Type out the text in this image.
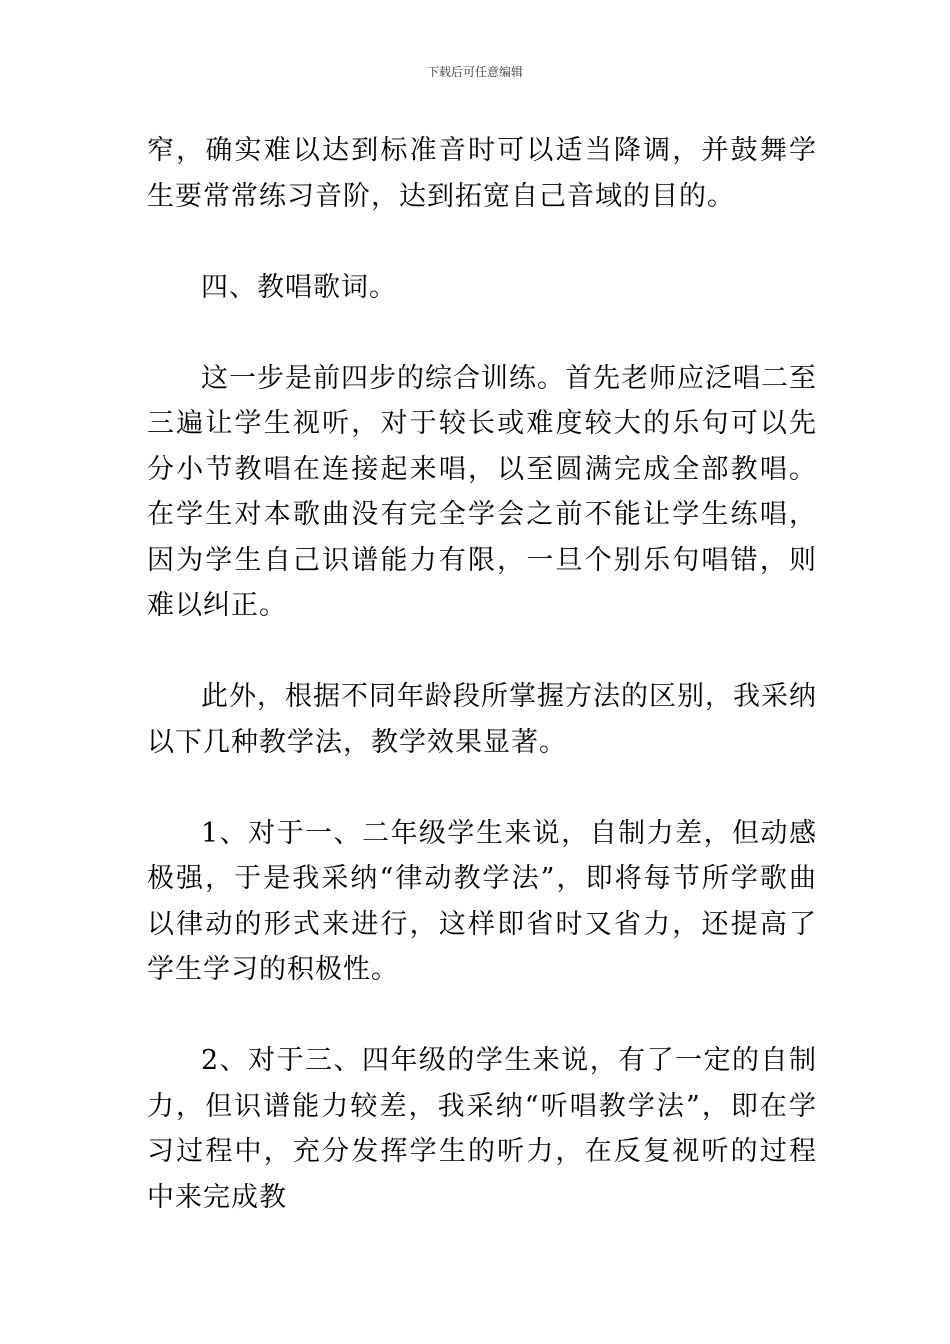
下载后可任意编辑

窄，确实难以达到标准音时可以适当降调，并鼓舞学生要常常练习音阶，达到拓宽自己音域的目的。

四、教唱歌词。

这一步是前四步的综合训练。首先老师应泛唱二至三遍让学生视听，对于较长或难度较大的乐句可以先分小节教唱在连接起来唱，以至圆满完成全部教唱。在学生对本歌曲没有完全学会之前不能让学生练唱，因为学生自己识谱能力有限，一旦个别乐句唱错，则难以纠正。

此外，根据不同年龄段所掌握方法的区别，我采纳以下几种教学法，教学效果显著。

1、对于一、二年级学生来说，自制力差，但动感极强，于是我采纳“律动教学法”，即将每节所学歌曲以律动的形式来进行，这样即省时又省力，还提高了学生学习的积极性。

2、对于三、四年级的学生来说，有了一定的自制力，但识谱能力较差，我采纳“听唱教学法”，即在学习过程中，充分发挥学生的听力，在反复视听的过程中来完成教
